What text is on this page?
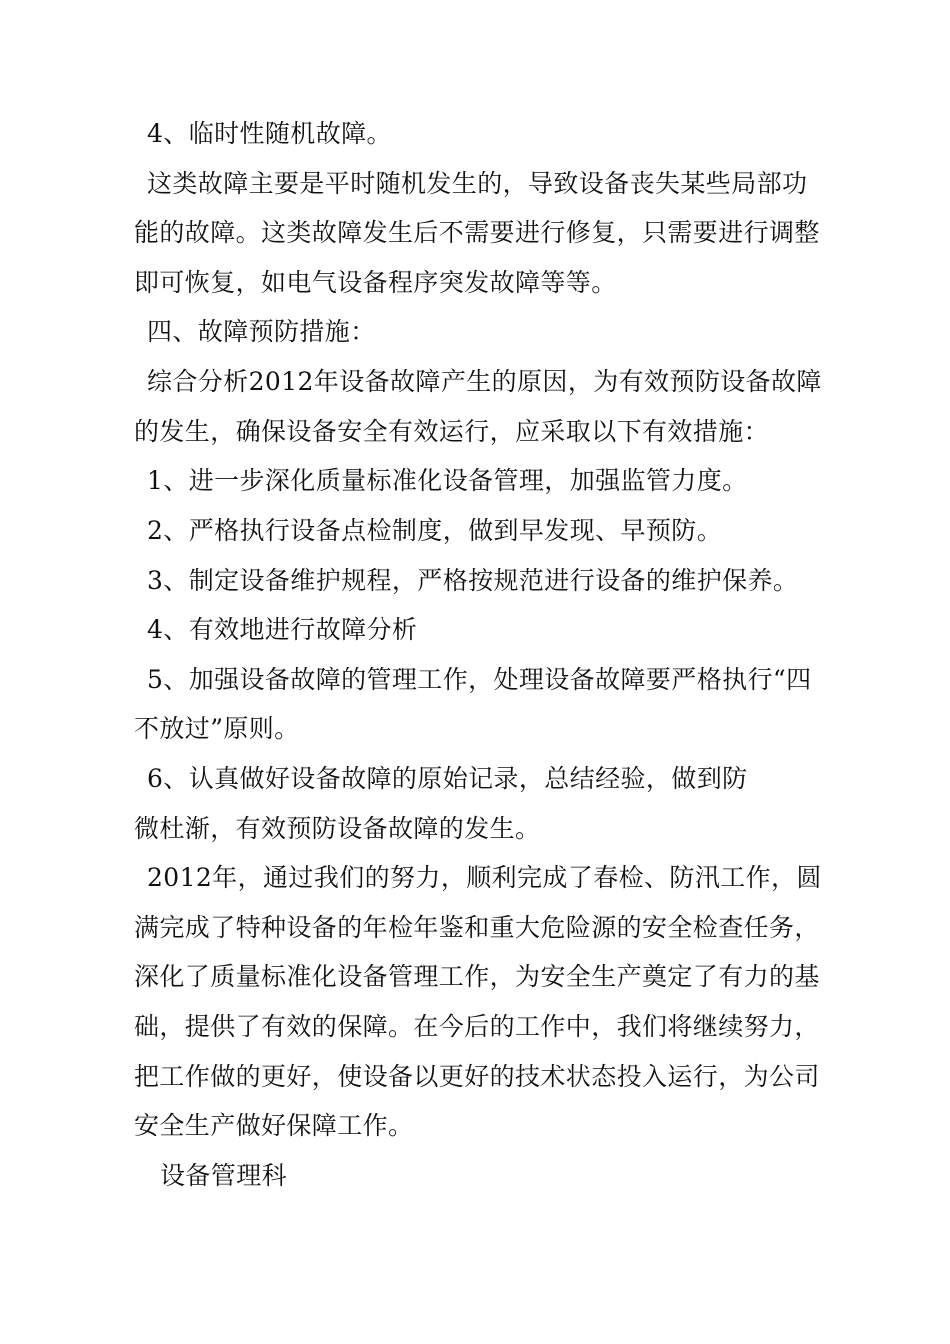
4、临时性随机故障。
这类故障主要是平时随机发生的，导致设备丧失某些局部功
能的故障。这类故障发生后不需要进行修复，只需要进行调整
即可恢复，如电气设备程序突发故障等等。
四、故障预防措施：
综合分析2012年设备故障产生的原因，为有效预防设备故障
的发生，确保设备安全有效运行，应采取以下有效措施：
1、进一步深化质量标准化设备管理，加强监管力度。
2、严格执行设备点检制度，做到早发现、早预防。
3、制定设备维护规程，严格按规范进行设备的维护保养。
4、有效地进行故障分析
5、加强设备故障的管理工作，处理设备故障要严格执行“四
不放过”原则。
6、认真做好设备故障的原始记录，总结经验，做到防
微杜渐，有效预防设备故障的发生。
2012年，通过我们的努力，顺利完成了春检、防汛工作，圆
满完成了特种设备的年检年鉴和重大危险源的安全检查任务，
深化了质量标准化设备管理工作，为安全生产奠定了有力的基
础，提供了有效的保障。在今后的工作中，我们将继续努力，
把工作做的更好，使设备以更好的技术状态投入运行，为公司
安全生产做好保障工作。
设备管理科
